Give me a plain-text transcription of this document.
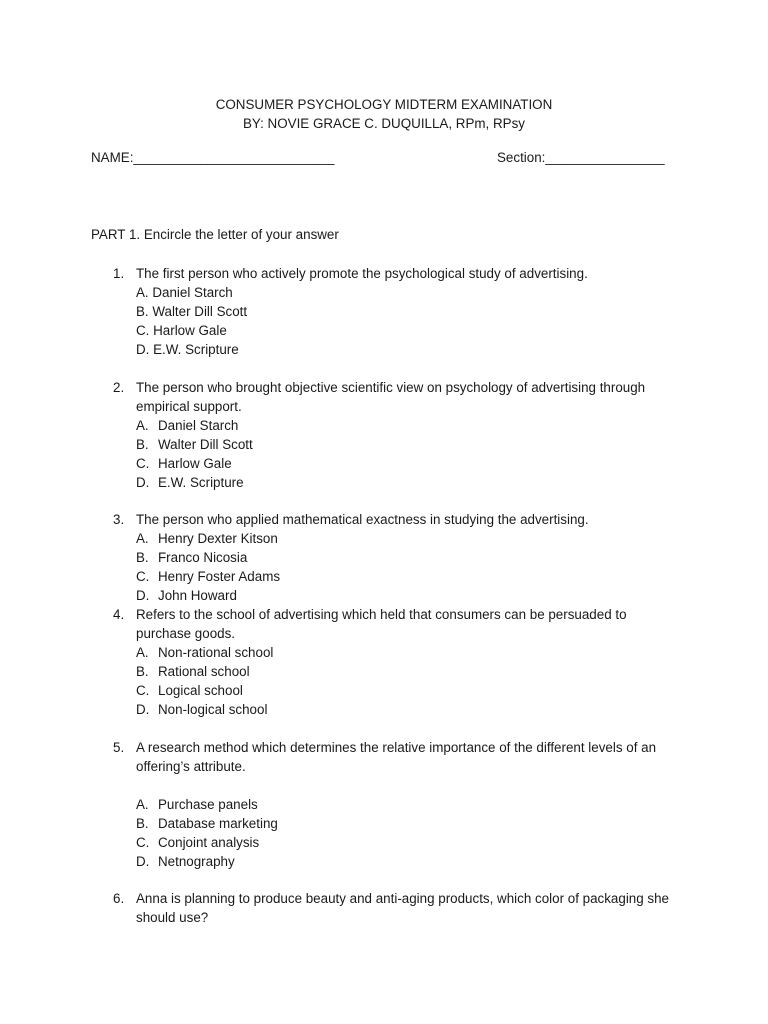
CONSUMER PSYCHOLOGY MIDTERM EXAMINATION
BY: NOVIE GRACE C. DUQUILLA, RPm, RPsy
NAME:___________________________	Section:________________
PART 1. Encircle the letter of your answer
1. The first person who actively promote the psychological study of advertising.
A. Daniel Starch
B. Walter Dill Scott
C. Harlow Gale
D. E.W. Scripture
2. The person who brought objective scientific view on psychology of advertising through empirical support.
A. Daniel Starch
B. Walter Dill Scott
C. Harlow Gale
D. E.W. Scripture
3. The person who applied mathematical exactness in studying the advertising.
A. Henry Dexter Kitson
B. Franco Nicosia
C. Henry Foster Adams
D. John Howard
4. Refers to the school of advertising which held that consumers can be persuaded to purchase goods.
A. Non-rational school
B. Rational school
C. Logical school
D. Non-logical school
5. A research method which determines the relative importance of the different levels of an offering’s attribute.
A. Purchase panels
B. Database marketing
C. Conjoint analysis
D. Netnography
6. Anna is planning to produce beauty and anti-aging products, which color of packaging she should use?
